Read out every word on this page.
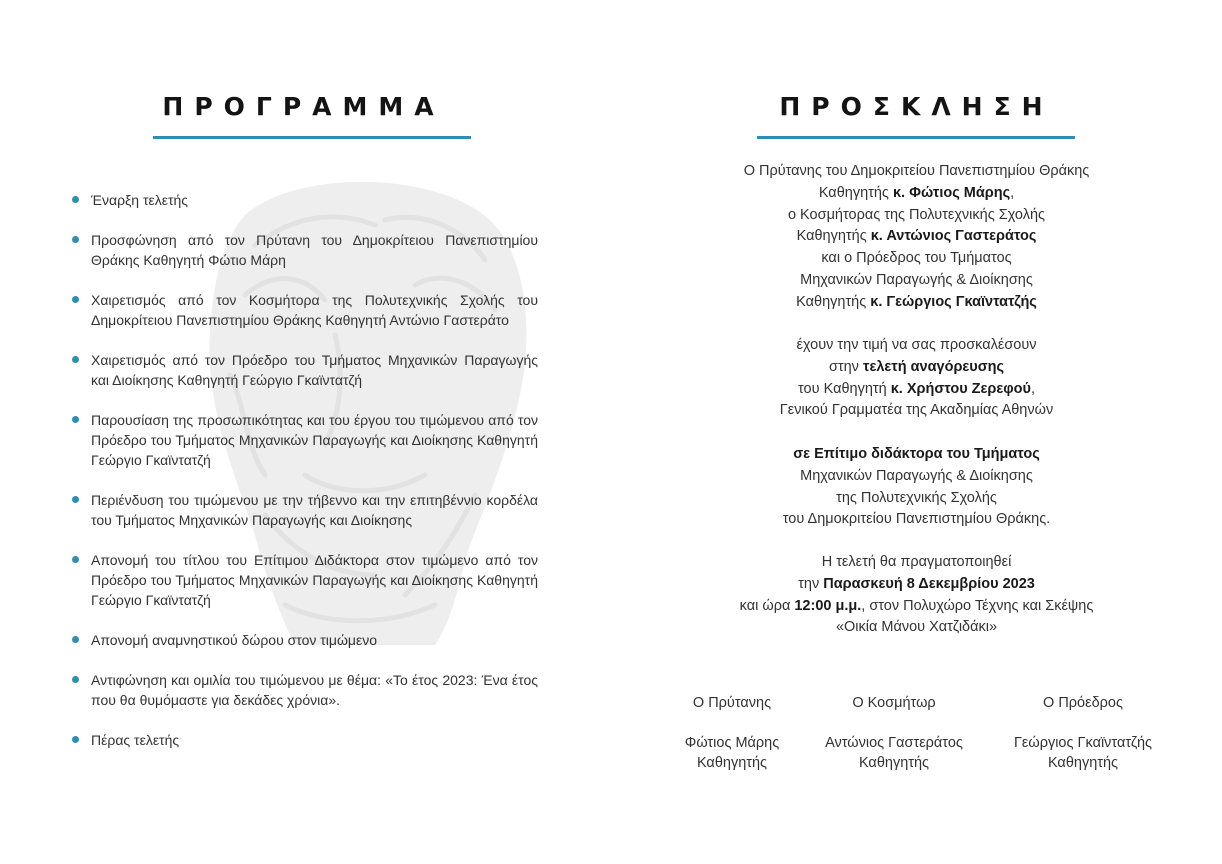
ΠΡΟΓΡΑΜΜΑ
Έναρξη τελετής
Προσφώνηση από τον Πρύτανη του Δημοκρίτειου Πανεπιστημίου Θράκης Καθηγητή Φώτιο Μάρη
Χαιρετισμός από τον Κοσμήτορα της Πολυτεχνικής Σχολής του Δημοκρίτειου Πανεπιστημίου Θράκης Καθηγητή Αντώνιο Γαστεράτο
Χαιρετισμός από τον Πρόεδρο του Τμήματος Μηχανικών Παραγωγής και Διοίκησης Καθηγητή Γεώργιο Γκαϊντατζή
Παρουσίαση της προσωπικότητας και του έργου του τιμώμενου από τον Πρόεδρο του Τμήματος Μηχανικών Παραγωγής και Διοίκησης Καθηγητή Γεώργιο Γκαϊντατζή
Περιένδυση του τιμώμενου με την τήβεννο και την επιτηβέννιο κορδέλα του Τμήματος Μηχανικών Παραγωγής και Διοίκησης
Απονομή του τίτλου του Επίτιμου Διδάκτορα στον τιμώμενο από τον Πρόεδρο του Τμήματος Μηχανικών Παραγωγής και Διοίκησης Καθηγητή Γεώργιο Γκαϊντατζή
Απονομή αναμνηστικού δώρου στον τιμώμενο
Αντιφώνηση και ομιλία του τιμώμενου με θέμα: «Το έτος 2023: Ένα έτος που θα θυμόμαστε για δεκάδες χρόνια».
Πέρας τελετής
ΠΡΟΣΚΛΗΣΗ

Ο Πρύτανης του Δημοκριτείου Πανεπιστημίου Θράκης

Καθηγητής κ. Φώτιος Μάρης,

ο Κοσμήτορας της Πολυτεχνικής Σχολής

Καθηγητής κ. Αντώνιος Γαστεράτος

και ο Πρόεδρος του Τμήματος

Μηχανικών Παραγωγής & Διοίκησης

Καθηγητής κ. Γεώργιος Γκαϊντατζής

έχουν την τιμή να σας προσκαλέσουν

στην τελετή αναγόρευσης

του Καθηγητή κ. Χρήστου Ζερεφού,

Γενικού Γραμματέα της Ακαδημίας Αθηνών

σε Επίτιμο διδάκτορα του Τμήματος

Μηχανικών Παραγωγής & Διοίκησης

της Πολυτεχνικής Σχολής

του Δημοκριτείου Πανεπιστημίου Θράκης.

Η τελετή θα πραγματοποιηθεί

την Παρασκευή 8 Δεκεμβρίου 2023

και ώρα 12:00 μ.μ., στον Πολυχώρο Τέχνης και Σκέψης

«Οικία Μάνου Χατζιδάκι»

Ο Πρύτανης
Φώτιος Μάρης
Καθηγητής
Ο Κοσμήτωρ
Αντώνιος Γαστεράτος
Καθηγητής
Ο Πρόεδρος
Γεώργιος Γκαϊντατζής
Καθηγητής
